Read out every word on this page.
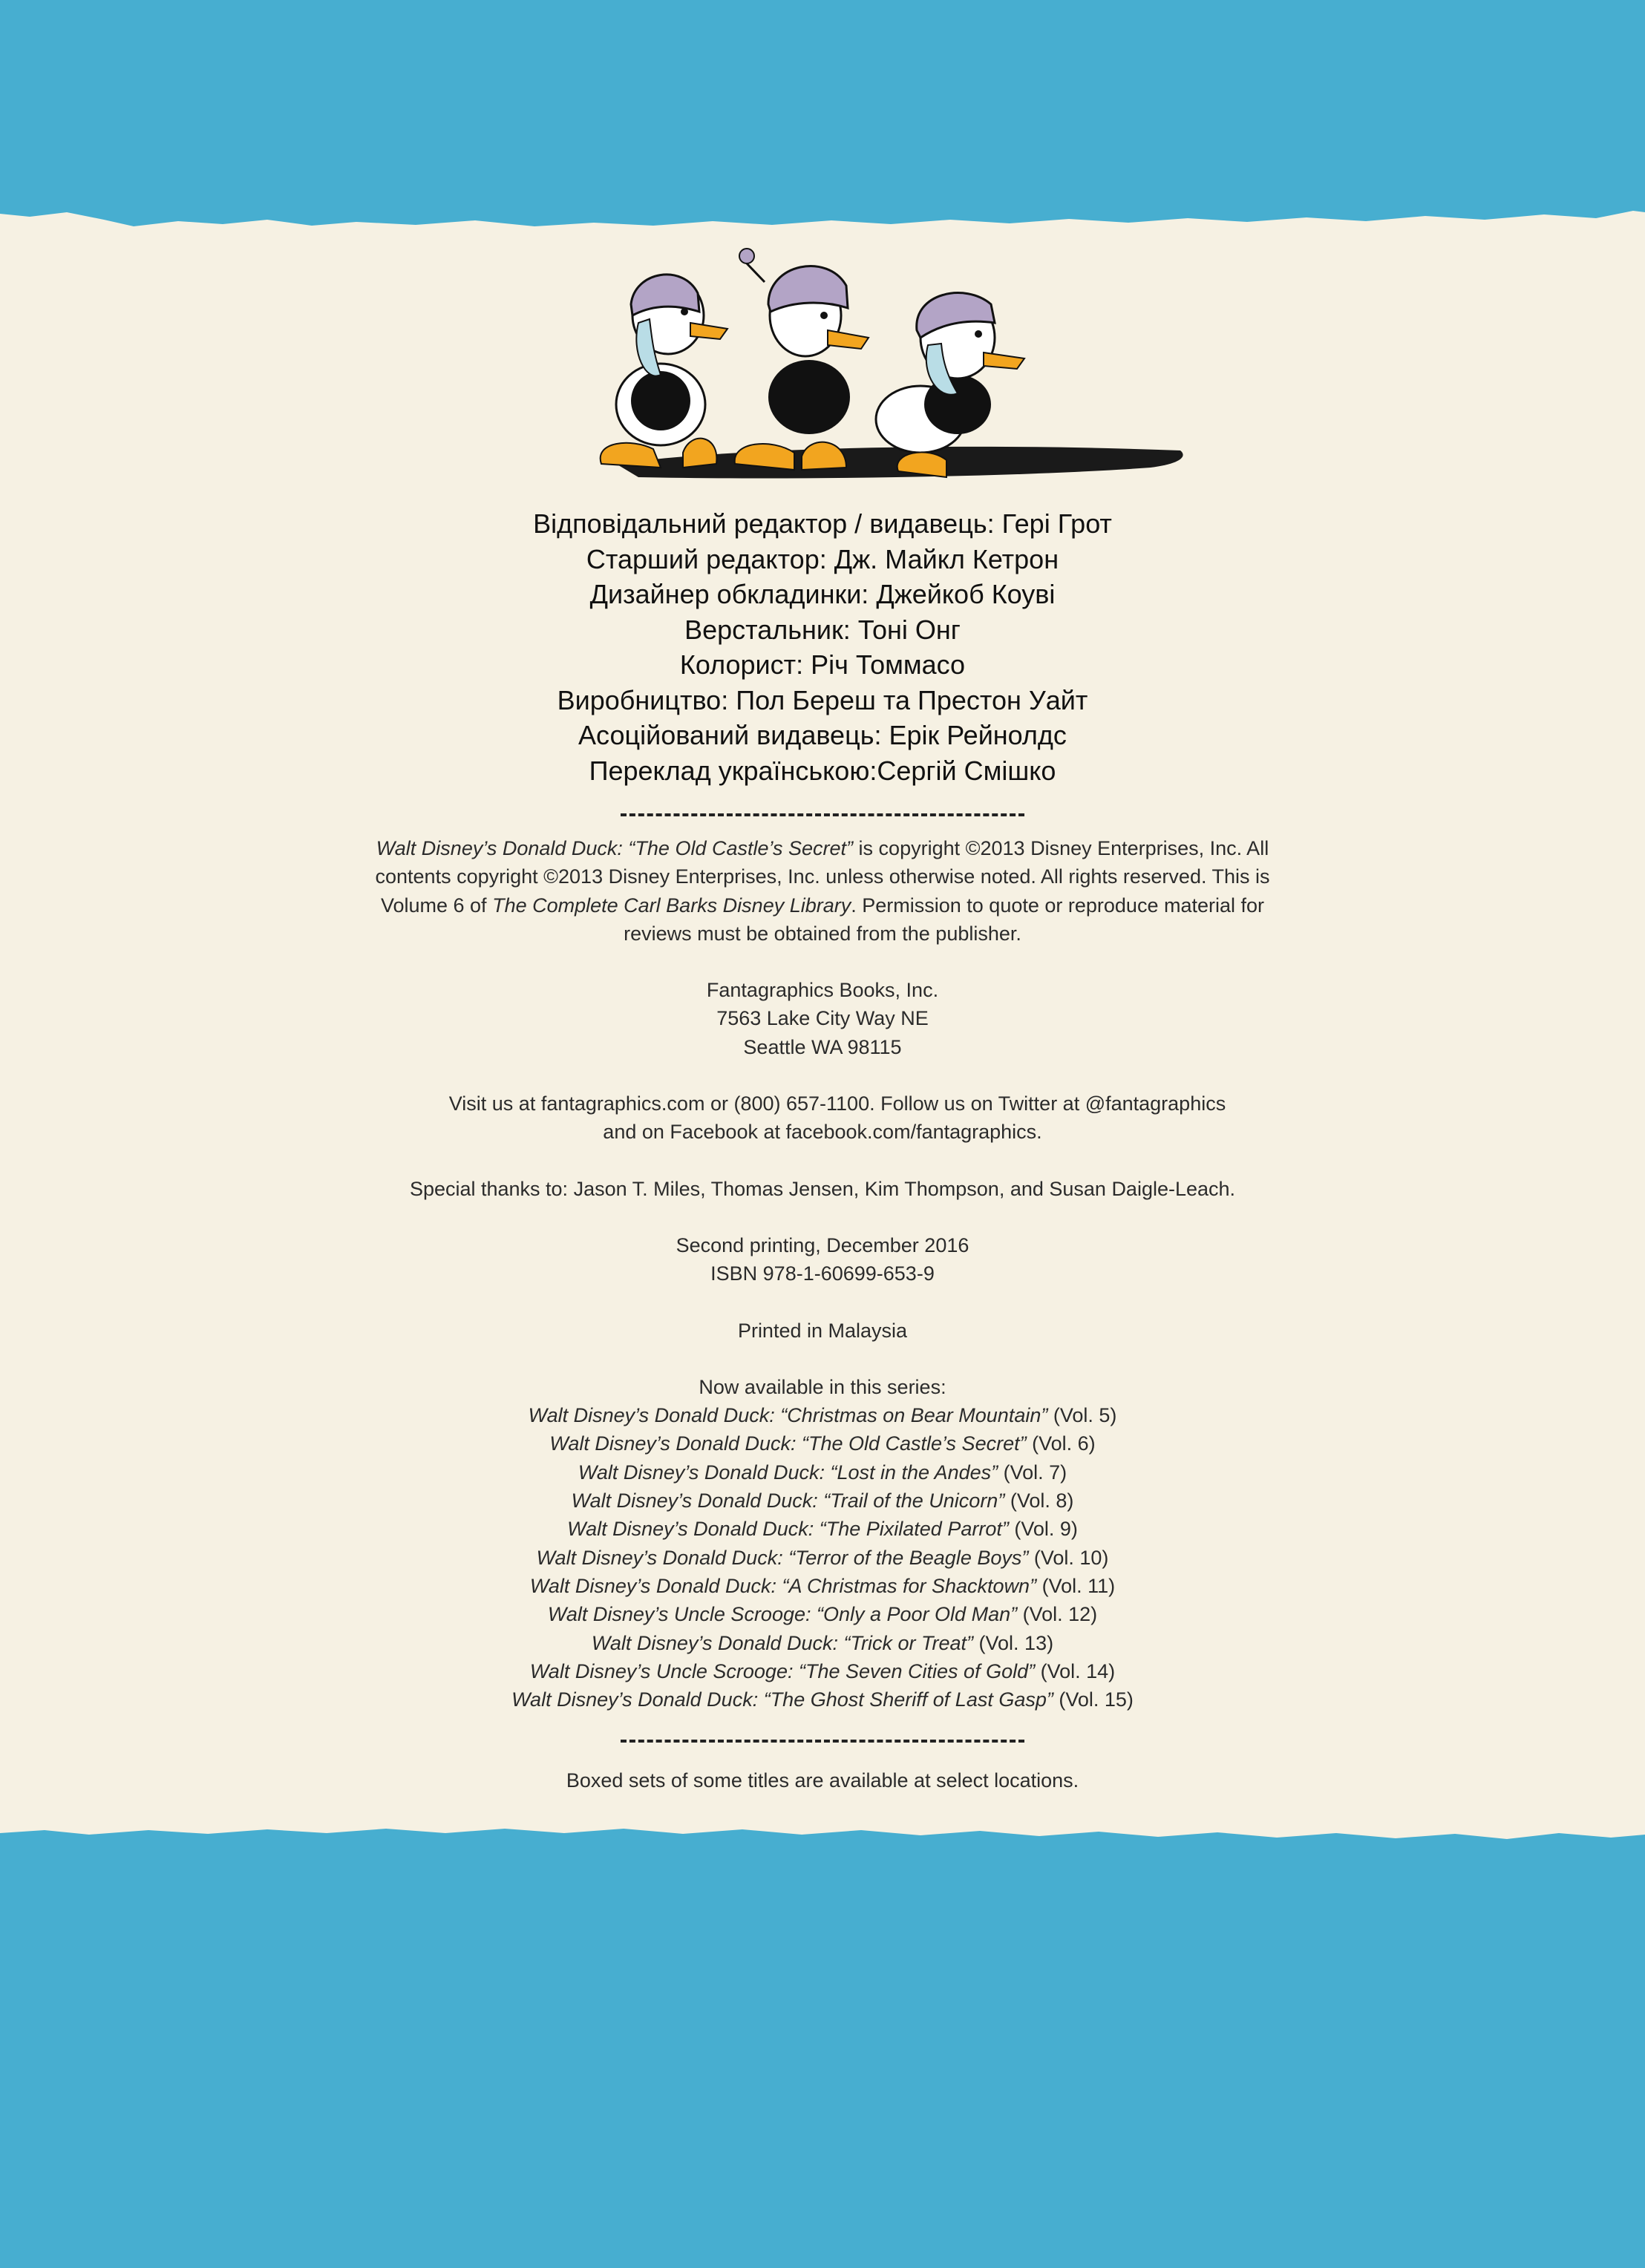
Відповідальний редактор / видавець: Гері Грот
Старший редактор: Дж. Майкл Кетрон
Дизайнер обкладинки: Джейкоб Коуві
Верстальник: Тоні Онг
Колорист: Річ Томмасо
Виробництво: Пол Береш та Престон Уайт
Асоційований видавець: Ерік Рейнолдс
Переклад українською:Сергій Смішко

Walt Disney’s Donald Duck: “The Old Castle’s Secret” is copyright ©2013 Disney Enterprises, Inc. All contents copyright ©2013 Disney Enterprises, Inc. unless otherwise noted. All rights reserved. This is Volume 6 of The Complete Carl Barks Disney Library. Permission to quote or reproduce material for reviews must be obtained from the publisher.

Fantagraphics Books, Inc.

7563 Lake City Way NE

Seattle WA 98115

Visit us at fantagraphics.com or (800) 657-1100. Follow us on Twitter at @fantagraphics

and on Facebook at facebook.com/fantagraphics.

Special thanks to: Jason T. Miles, Thomas Jensen, Kim Thompson, and Susan Daigle-Leach.

Second printing, December 2016

ISBN 978-1-60699-653-9

Printed in Malaysia

Now available in this series:

Walt Disney’s Donald Duck: “Christmas on Bear Mountain” (Vol. 5)

Walt Disney’s Donald Duck: “The Old Castle’s Secret” (Vol. 6)

Walt Disney’s Donald Duck: “Lost in the Andes” (Vol. 7)

Walt Disney’s Donald Duck: “Trail of the Unicorn” (Vol. 8)

Walt Disney’s Donald Duck: “The Pixilated Parrot” (Vol. 9)

Walt Disney’s Donald Duck: “Terror of the Beagle Boys” (Vol. 10)

Walt Disney’s Donald Duck: “A Christmas for Shacktown” (Vol. 11)

Walt Disney’s Uncle Scrooge: “Only a Poor Old Man” (Vol. 12)

Walt Disney’s Donald Duck: “Trick or Treat” (Vol. 13)

Walt Disney’s Uncle Scrooge: “The Seven Cities of Gold” (Vol. 14)

Walt Disney’s Donald Duck: “The Ghost Sheriff of Last Gasp” (Vol. 15)

Boxed sets of some titles are available at select locations.
